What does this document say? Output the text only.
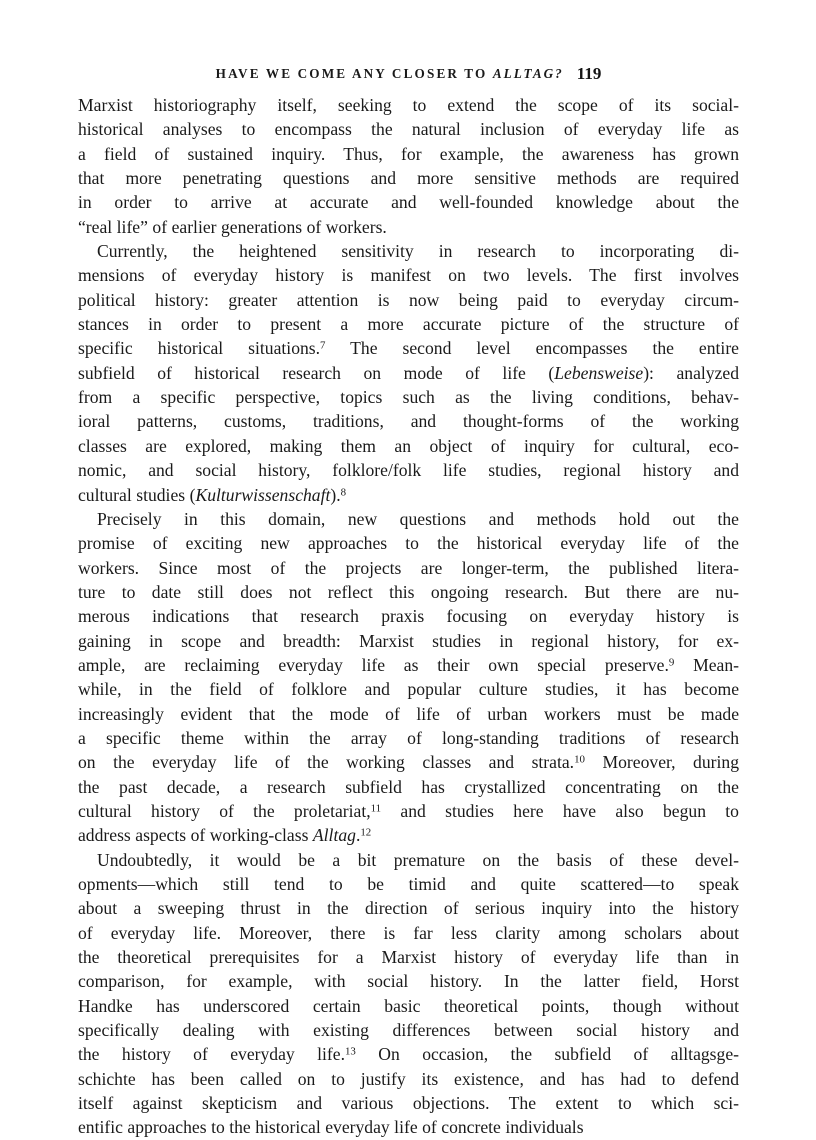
HAVE WE COME ANY CLOSER TO ALLTAG? 119

Marxist historiography itself, seeking to extend the scope of its social-
historical analyses to encompass the natural inclusion of everyday life as
a field of sustained inquiry. Thus, for example, the awareness has grown
that more penetrating questions and more sensitive methods are required
in order to arrive at accurate and well-founded knowledge about the
“real life” of earlier generations of workers.

Currently, the heightened sensitivity in research to incorporating di-
mensions of everyday history is manifest on two levels. The first involves
political history: greater attention is now being paid to everyday circum-
stances in order to present a more accurate picture of the structure of
specific historical situations.$^7$ The second level encompasses the entire
subfield of historical research on mode of life (Lebensweise): analyzed
from a specific perspective, topics such as the living conditions, behav-
ioral patterns, customs, traditions, and thought-forms of the working
classes are explored, making them an object of inquiry for cultural, eco-
nomic, and social history, folklore/folk life studies, regional history and
cultural studies (Kulturwissenschaft).$^8$

Precisely in this domain, new questions and methods hold out the
promise of exciting new approaches to the historical everyday life of the
workers. Since most of the projects are longer-term, the published litera-
ture to date still does not reflect this ongoing research. But there are nu-
merous indications that research praxis focusing on everyday history is
gaining in scope and breadth: Marxist studies in regional history, for ex-
ample, are reclaiming everyday life as their own special preserve.$^9$ Mean-
while, in the field of folklore and popular culture studies, it has become
increasingly evident that the mode of life of urban workers must be made
a specific theme within the array of long-standing traditions of research
on the everyday life of the working classes and strata.$^{10}$ Moreover, during
the past decade, a research subfield has crystallized concentrating on the
cultural history of the proletariat,$^{11}$ and studies here have also begun to
address aspects of working-class Alltag.$^{12}$

Undoubtedly, it would be a bit premature on the basis of these devel-
opments—which still tend to be timid and quite scattered—to speak
about a sweeping thrust in the direction of serious inquiry into the history
of everyday life. Moreover, there is far less clarity among scholars about
the theoretical prerequisites for a Marxist history of everyday life than in
comparison, for example, with social history. In the latter field, Horst
Handke has underscored certain basic theoretical points, though without
specifically dealing with existing differences between social history and
the history of everyday life.$^{13}$ On occasion, the subfield of alltagsge-
schichte has been called on to justify its existence, and has had to defend
itself against skepticism and various objections. The extent to which sci-
entific approaches to the historical everyday life of concrete individuals
